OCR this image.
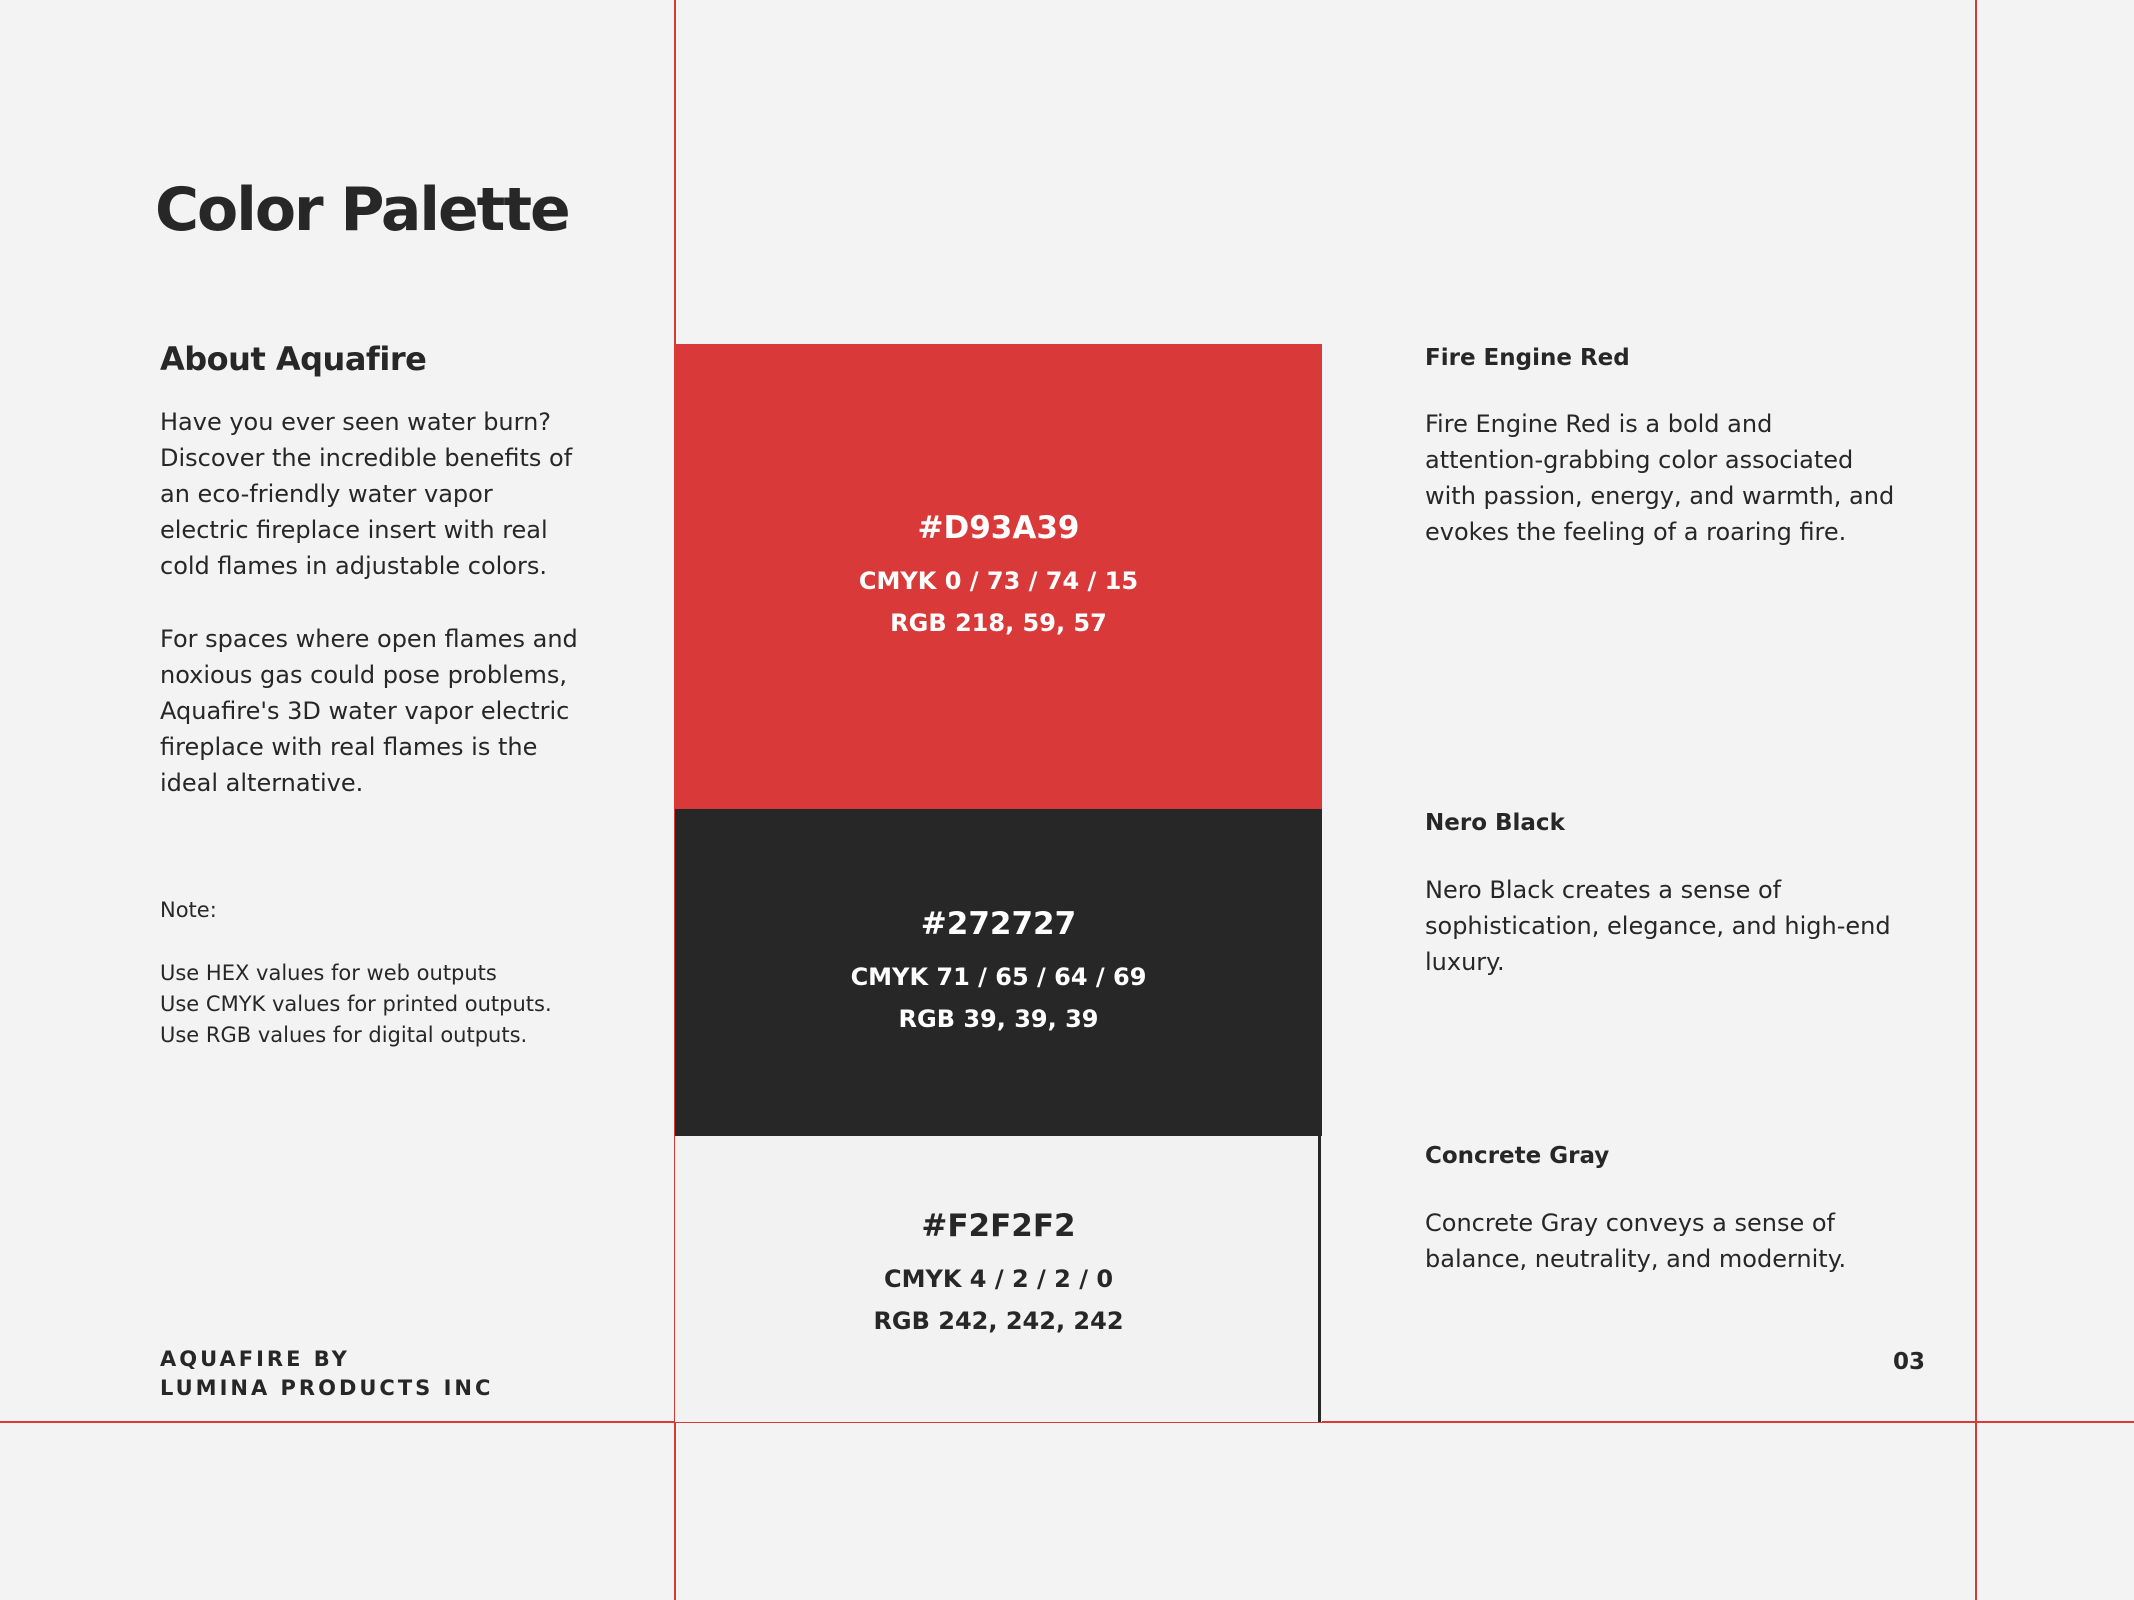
Color Palette
About Aquafire
Have you ever seen water burn? Discover the incredible benefits of an eco-friendly water vapor electric fireplace insert with real cold flames in adjustable colors.
For spaces where open flames and noxious gas could pose problems, Aquafire's 3D water vapor electric fireplace with real flames is the ideal alternative.
Note:
Use HEX values for web outputs
Use CMYK values for printed outputs.
Use RGB values for digital outputs.
AQUAFIRE BY
LUMINA PRODUCTS INC
#D93A39
CMYK 0 / 73 / 74 / 15
RGB 218, 59, 57
#272727
CMYK 71 / 65 / 64 / 69
RGB 39, 39, 39
#F2F2F2
CMYK 4 / 2 / 2 / 0
RGB 242, 242, 242
Fire Engine Red
Fire Engine Red is a bold and attention-grabbing color associated with passion, energy, and warmth, and evokes the feeling of a roaring fire.
Nero Black
Nero Black creates a sense of sophistication, elegance, and high-end luxury.
Concrete Gray
Concrete Gray conveys a sense of balance, neutrality, and modernity.
03
